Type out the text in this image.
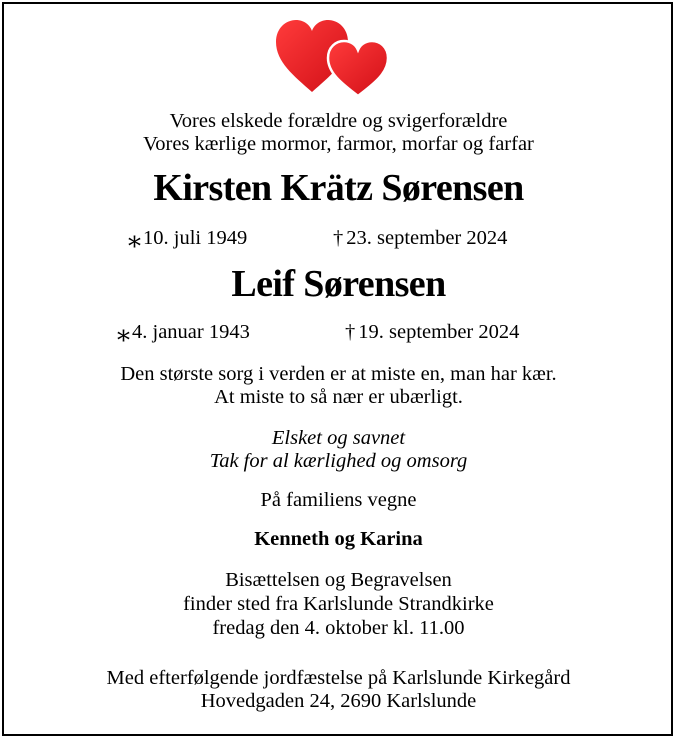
Vores elskede forældre og svigerforældre
Vores kærlige mormor, farmor, morfar og farfar
Kirsten Krätz Sørensen
⁎10. juli 1949	† 23. september 2024
Leif Sørensen
⁎4. januar 1943	† 19. september 2024
Den største sorg i verden er at miste en, man har kær.
At miste to så nær er ubærligt.
Elsket og savnet
Tak for al kærlighed og omsorg
På familiens vegne
Kenneth og Karina
Bisættelsen og Begravelsen
finder sted fra Karlslunde Strandkirke
fredag den 4. oktober kl. 11.00
Med efterfølgende jordfæstelse på Karlslunde Kirkegård
Hovedgaden 24, 2690 Karlslunde
